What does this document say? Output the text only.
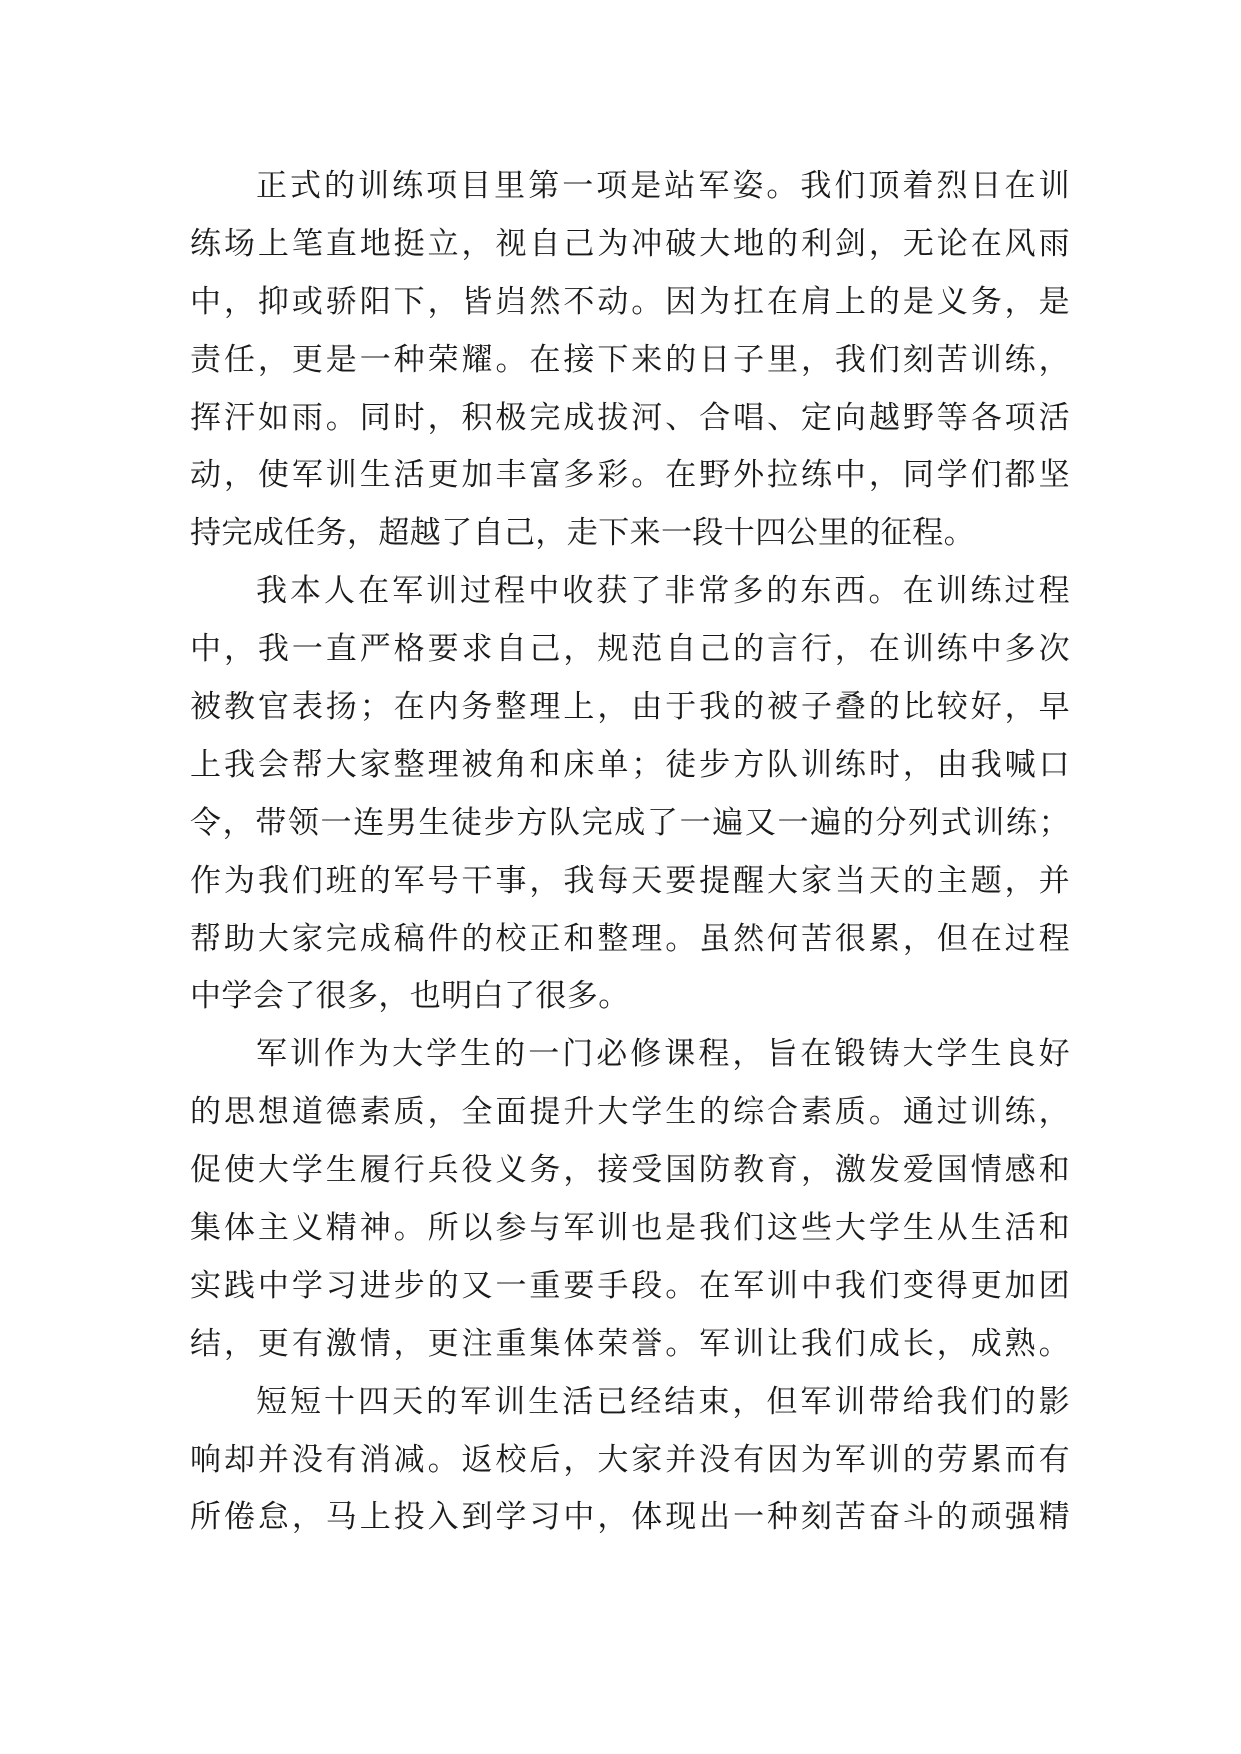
正式的训练项目里第一项是站军姿。我们顶着烈日在训
练场上笔直地挺立，视自己为冲破大地的利剑，无论在风雨
中，抑或骄阳下，皆岿然不动。因为扛在肩上的是义务，是
责任，更是一种荣耀。在接下来的日子里，我们刻苦训练，
挥汗如雨。同时，积极完成拔河、合唱、定向越野等各项活
动，使军训生活更加丰富多彩。在野外拉练中，同学们都坚
持完成任务，超越了自己，走下来一段十四公里的征程。
我本人在军训过程中收获了非常多的东西。在训练过程
中，我一直严格要求自己，规范自己的言行，在训练中多次
被教官表扬；在内务整理上，由于我的被子叠的比较好，早
上我会帮大家整理被角和床单；徒步方队训练时，由我喊口
令，带领一连男生徒步方队完成了一遍又一遍的分列式训练；
作为我们班的军号干事，我每天要提醒大家当天的主题，并
帮助大家完成稿件的校正和整理。虽然何苦很累，但在过程
中学会了很多，也明白了很多。
军训作为大学生的一门必修课程，旨在锻铸大学生良好
的思想道德素质，全面提升大学生的综合素质。通过训练，
促使大学生履行兵役义务，接受国防教育，激发爱国情感和
集体主义精神。所以参与军训也是我们这些大学生从生活和
实践中学习进步的又一重要手段。在军训中我们变得更加团
结，更有激情，更注重集体荣誉。军训让我们成长，成熟。
短短十四天的军训生活已经结束，但军训带给我们的影
响却并没有消减。返校后，大家并没有因为军训的劳累而有
所倦怠，马上投入到学习中，体现出一种刻苦奋斗的顽强精
